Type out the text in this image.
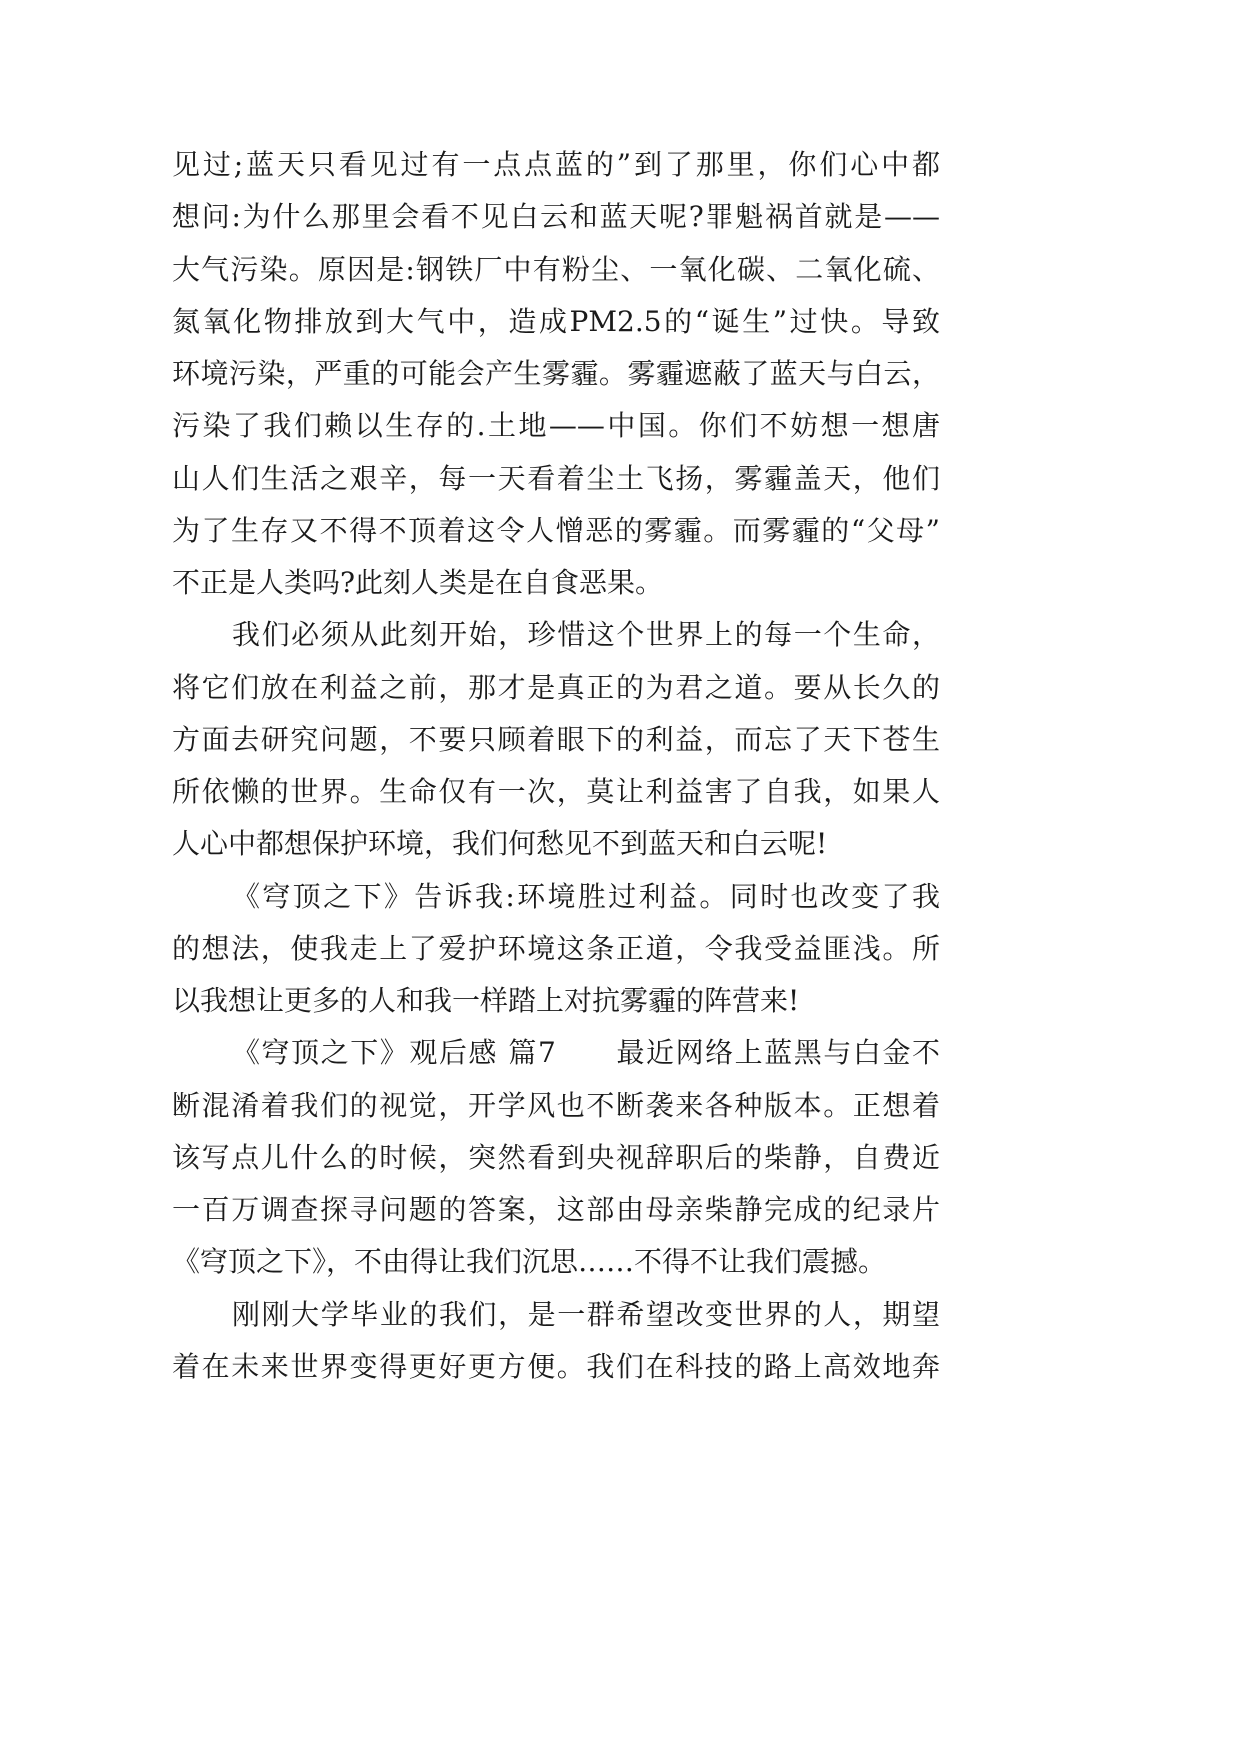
见过;蓝天只看见过有一点点蓝的”到了那里，你们心中都

想问:为什么那里会看不见白云和蓝天呢?罪魁祸首就是——

大气污染。原因是:钢铁厂中有粉尘、一氧化碳、二氧化硫、

氮氧化物排放到大气中，造成PM2.5的“诞生”过快。导致

环境污染，严重的可能会产生雾霾。雾霾遮蔽了蓝天与白云，

污染了我们赖以生存的.土地——中国。你们不妨想一想唐

山人们生活之艰辛，每一天看着尘土飞扬，雾霾盖天，他们

为了生存又不得不顶着这令人憎恶的雾霾。而雾霾的“父母”

不正是人类吗?此刻人类是在自食恶果。

我们必须从此刻开始，珍惜这个世界上的每一个生命，

将它们放在利益之前，那才是真正的为君之道。要从长久的

方面去研究问题，不要只顾着眼下的利益，而忘了天下苍生

所依懒的世界。生命仅有一次，莫让利益害了自我，如果人

人心中都想保护环境，我们何愁见不到蓝天和白云呢!

《穹顶之下》告诉我:环境胜过利益。同时也改变了我

的想法，使我走上了爱护环境这条正道，令我受益匪浅。所

以我想让更多的人和我一样踏上对抗雾霾的阵营来!

《穹顶之下》观后感 篇7　　最近网络上蓝黑与白金不

断混淆着我们的视觉，开学风也不断袭来各种版本。正想着

该写点儿什么的时候，突然看到央视辞职后的柴静，自费近

一百万调查探寻问题的答案，这部由母亲柴静完成的纪录片

《穹顶之下》，不由得让我们沉思……不得不让我们震撼。

刚刚大学毕业的我们，是一群希望改变世界的人，期望

着在未来世界变得更好更方便。我们在科技的路上高效地奔
